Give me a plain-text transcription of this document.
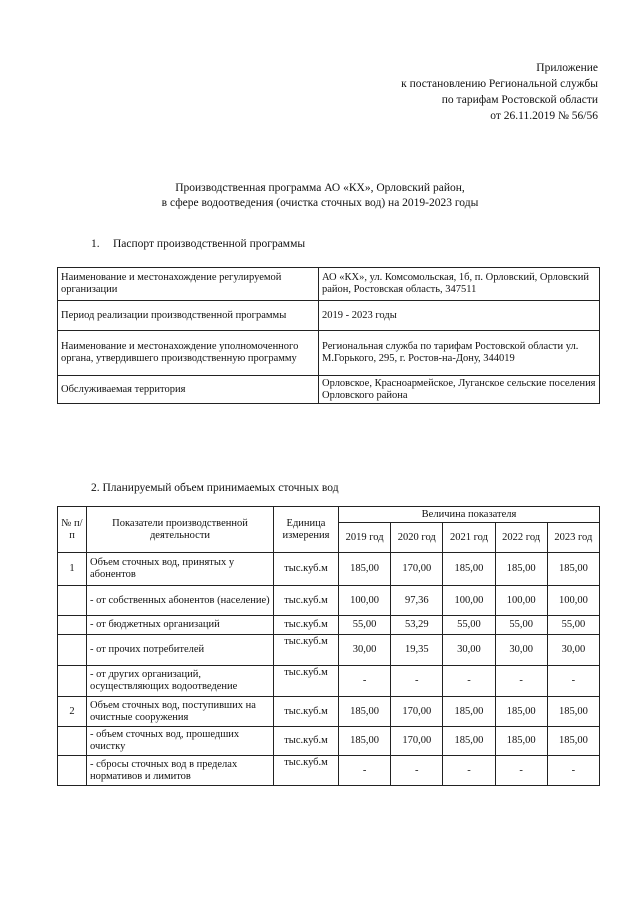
Приложение
к постановлению Региональной службы
по тарифам Ростовской области
от 26.11.2019 № 56/56
Производственная программа АО «КХ», Орловский район,
в сфере водоотведения (очистка сточных вод) на 2019-2023 годы
1. Паспорт производственной программы
Наименование и местонахождение регулируемой организации	АО «КХ», ул. Комсомольская, 1б, п. Орловский, Орловский район, Ростовская область, 347511
Период реализации производственной программы	2019 - 2023 годы
Наименование и местонахождение уполномоченного органа, утвердившего производственную программу	Региональная служба по тарифам Ростовской области ул. М.Горького, 295, г. Ростов-на-Дону, 344019
Обслуживаемая территория	Орловское, Красноармейское, Луганское сельские поселения Орловского района
2. Планируемый объем принимаемых сточных вод
№ п/п	Показатели производственной деятельности	Единица измерения	Величина показателя				
			2019 год	2020 год	2021 год	2022 год	2023 год
1	Объем сточных вод, принятых у абонентов	тыс.куб.м	185,00	170,00	185,00	185,00	185,00
	- от собственных абонентов (население)	тыс.куб.м	100,00	97,36	100,00	100,00	100,00
	- от бюджетных организаций	тыс.куб.м	55,00	53,29	55,00	55,00	55,00
	- от прочих потребителей	тыс.куб.м	30,00	19,35	30,00	30,00	30,00
	- от других организаций, осуществляющих водоотведение	тыс.куб.м	-	-	-	-	-
2	Объем сточных вод, поступивших на очистные сооружения	тыс.куб.м	185,00	170,00	185,00	185,00	185,00
	- объем сточных вод, прошедших очистку	тыс.куб.м	185,00	170,00	185,00	185,00	185,00
	- сбросы сточных вод в пределах нормативов и лимитов	тыс.куб.м	-	-	-	-	-
